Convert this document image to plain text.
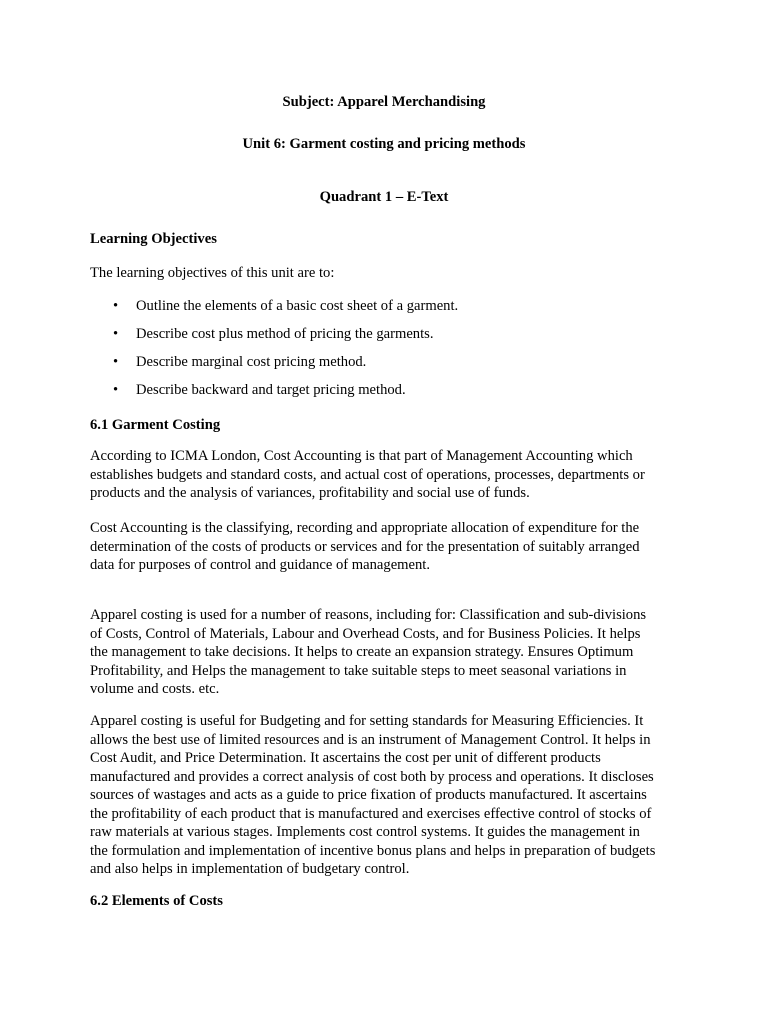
Subject: Apparel Merchandising
Unit 6: Garment costing and pricing methods
Quadrant 1 – E-Text
Learning Objectives
The learning objectives of this unit are to:
• Outline the elements of a basic cost sheet of a garment.
• Describe cost plus method of pricing the garments.
• Describe marginal cost pricing method.
• Describe backward and target pricing method.
6.1 Garment Costing
According to ICMA London, Cost Accounting is that part of Management Accounting which
establishes budgets and standard costs, and actual cost of operations, processes, departments or
products and the analysis of variances, profitability and social use of funds.
Cost Accounting is the classifying, recording and appropriate allocation of expenditure for the
determination of the costs of products or services and for the presentation of suitably arranged
data for purposes of control and guidance of management.
Apparel costing is used for a number of reasons, including for: Classification and sub-divisions
of Costs, Control of Materials, Labour and Overhead Costs, and for Business Policies. It helps
the management to take decisions. It helps to create an expansion strategy. Ensures Optimum
Profitability, and Helps the management to take suitable steps to meet seasonal variations in
volume and costs. etc.
Apparel costing is useful for Budgeting and for setting standards for Measuring Efficiencies. It
allows the best use of limited resources and is an instrument of Management Control. It helps in
Cost Audit, and Price Determination. It ascertains the cost per unit of different products
manufactured and provides a correct analysis of cost both by process and operations. It discloses
sources of wastages and acts as a guide to price fixation of products manufactured. It ascertains
the profitability of each product that is manufactured and exercises effective control of stocks of
raw materials at various stages. Implements cost control systems. It guides the management in
the formulation and implementation of incentive bonus plans and helps in preparation of budgets
and also helps in implementation of budgetary control.
6.2 Elements of Costs
